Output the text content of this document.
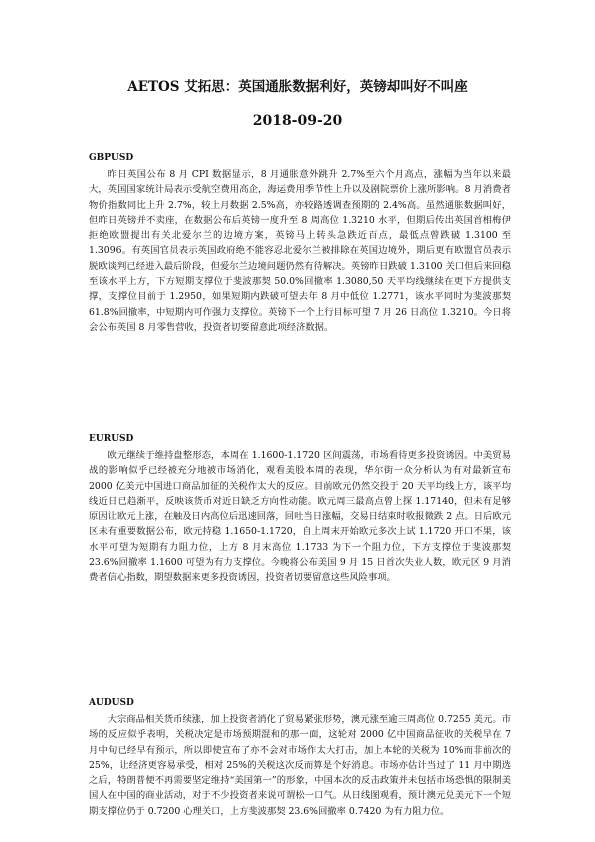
AETOS 艾拓思：英国通胀数据利好，英镑却叫好不叫座
2018-09-20
GBPUSD

昨日英国公布 8 月 CPI 数据显示，8 月通胀意外跳升 2.7%至六个月高点，涨幅为当年以来最大，英国国家统计局表示受航空费用高企，海运费用季节性上升以及剧院票价上涨所影响。8 月消费者物价指数同比上升 2.7%，较上月数据 2.5%高，亦较路透调查预期的 2.4%高。虽然通胀数据叫好，但昨日英镑并不卖座，在数据公布后英镑一度升至 8 周高位 1.3210 水平，但期后传出英国首相梅伊拒绝欧盟提出有关北爱尔兰的边境方案，英镑马上转头急跌近百点，最低点曾跌破 1.3100 至 1.3096。有英国官员表示英国政府绝不能容忍北爱尔兰被排除在英国边境外，期后更有欧盟官员表示脱欧谈判已经进入最后阶段，但爱尔兰边境问题仍然有待解决。英镑昨日跌破 1.3100 关口但后来回稳至该水平上方，下方短期支撑位于斐波那契 50.0%回撤率 1.3080,50 天平均线继续在更下方提供支撑，支撑位目前于 1.2950，如果短期内跌破可望去年 8 月中低位 1.2771，该水平同时为斐波那契 61.8%回撤率，中短期内可作强力支撑位。英镑下一个上行目标可望 7 月 26 日高位 1.3210。今日将会公布英国 8 月零售营收，投资者切要留意此项经济数据。

EURUSD

欧元继续于维持盘整形态，本周在 1.1600-1.1720 区间震荡，市场看待更多投资诱因。中美贸易战的影响似乎已经被充分地被市场消化，观看美股本周的表现，华尔街一众分析认为有对最新宣布 2000 亿美元中国进口商品加征的关税作太大的反应。目前欧元仍然交投于 20 天平均线上方，该平均线近日已趋渐平，反映该货币对近日缺乏方向性动能。欧元周三最高点曾上探 1.17140，但未有足够原因让欧元上涨，在触及日内高位后迅速回落，回吐当日涨幅，交易日结束时收报微跌 2 点。日后欧元区未有重要数据公布，欧元持稳 1.1650-1.1720，自上周末开始欧元多次上试 1.1720 开口不果，该水平可望为短期有力阻力位，上方 8 月末高位 1.1733 为下一个阻力位，下方支撑位于斐波那契 23.6%回撤率 1.1600 可望为有力支撑位。今晚将公布美国 9 月 15 日首次失业人数，欧元区 9 月消费者信心指数，期望数据来更多投资诱因，投资者切要留意这些风险事项。

AUDUSD

大宗商品相关货币续涨，加上投资者消化了贸易紧张形势，澳元涨至逾三周高位 0.7255 美元。市场的反应似乎表明，关税决定是市场预期混和的那一面，这轮对 2000 亿中国商品征收的关税早在 7 月中旬已经早有预示，所以即使宣布了亦不会对市场作太大打击，加上本轮的关税为 10%而非前次的 25%，让经济更容易承受，相对 25%的关税这次反而算是个好消息。市场亦估计当过了 11 月中期选之后，特朗普便不再需要坚定维持“美国第一”的形象，中国本次的反击政策并未包括市场恐惧的限制美国人在中国的商业活动，对于不少投资者来说可谓松一口气。从日线图观看，预计澳元兑美元下一个短期支撑位仍于 0.7200 心理关口，上方斐波那契 23.6%回撤率 0.7420 为有力阻力位。
